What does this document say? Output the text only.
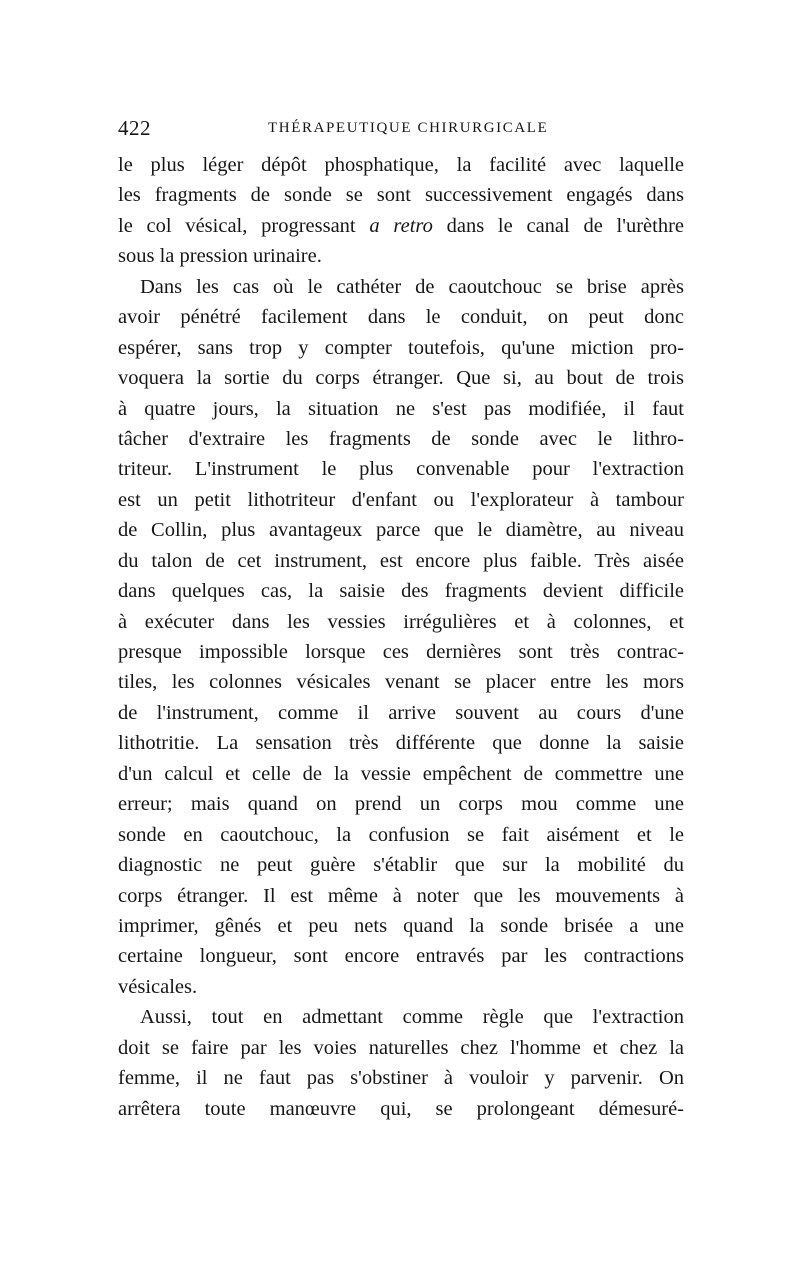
422	THÉRAPEUTIQUE CHIRURGICALE
le plus léger dépôt phosphatique, la facilité avec laquelle
les fragments de sonde se sont successivement engagés dans
le col vésical, progressant a retro dans le canal de l'urèthre
sous la pression urinaire.
Dans les cas où le cathéter de caoutchouc se brise après
avoir pénétré facilement dans le conduit, on peut donc
espérer, sans trop y compter toutefois, qu'une miction pro-
voquera la sortie du corps étranger. Que si, au bout de trois
à quatre jours, la situation ne s'est pas modifiée, il faut
tâcher d'extraire les fragments de sonde avec le lithro-
triteur. L'instrument le plus convenable pour l'extraction
est un petit lithotriteur d'enfant ou l'explorateur à tambour
de Collin, plus avantageux parce que le diamètre, au niveau
du talon de cet instrument, est encore plus faible. Très aisée
dans quelques cas, la saisie des fragments devient difficile
à exécuter dans les vessies irrégulières et à colonnes, et
presque impossible lorsque ces dernières sont très contrac-
tiles, les colonnes vésicales venant se placer entre les mors
de l'instrument, comme il arrive souvent au cours d'une
lithotritie. La sensation très différente que donne la saisie
d'un calcul et celle de la vessie empêchent de commettre une
erreur; mais quand on prend un corps mou comme une
sonde en caoutchouc, la confusion se fait aisément et le
diagnostic ne peut guère s'établir que sur la mobilité du
corps étranger. Il est même à noter que les mouvements à
imprimer, gênés et peu nets quand la sonde brisée a une
certaine longueur, sont encore entravés par les contractions
vésicales.
Aussi, tout en admettant comme règle que l'extraction
doit se faire par les voies naturelles chez l'homme et chez la
femme, il ne faut pas s'obstiner à vouloir y parvenir. On
arrêtera toute manœuvre qui, se prolongeant démesuré-
